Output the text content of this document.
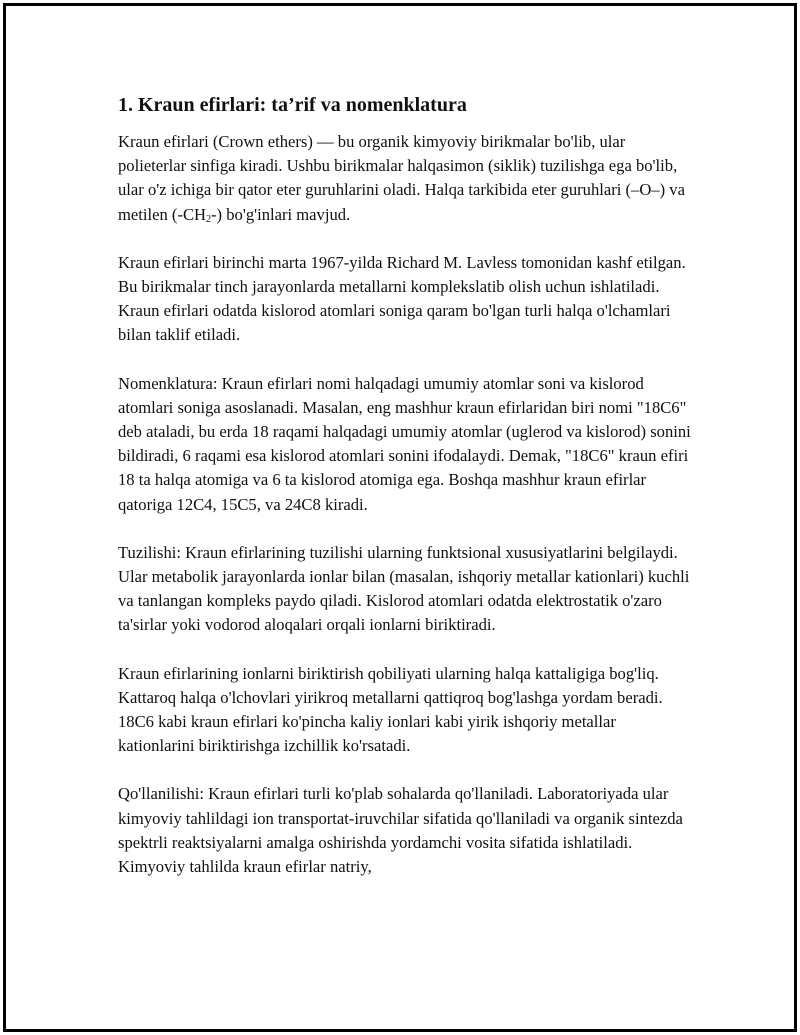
1. Kraun efirlari: ta’rif va nomenklatura

Kraun efirlari (Crown ethers) — bu organik kimyoviy birikmalar bo'lib, ular polieterlar sinfiga kiradi. Ushbu birikmalar halqasimon (siklik) tuzilishga ega bo'lib, ular o'z ichiga bir qator eter guruhlarini oladi. Halqa tarkibida eter guruhlari (–O–) va metilen $(-CH_2-)$ bo'g'inlari mavjud.

Kraun efirlari birinchi marta 1967-yilda Richard M. Lavless tomonidan kashf etilgan. Bu birikmalar tinch jarayonlarda metallarni komplekslatib olish uchun ishlatiladi. Kraun efirlari odatda kislorod atomlari soniga qaram bo'lgan turli halqa o'lchamlari bilan taklif etiladi.

Nomenklatura: Kraun efirlari nomi halqadagi umumiy atomlar soni va kislorod atomlari soniga asoslanadi. Masalan, eng mashhur kraun efirlaridan biri nomi "18C6" deb ataladi, bu erda 18 raqami halqadagi umumiy atomlar (uglerod va kislorod) sonini bildiradi, 6 raqami esa kislorod atomlari sonini ifodalaydi. Demak, "18C6" kraun efiri 18 ta halqa atomiga va 6 ta kislorod atomiga ega. Boshqa mashhur kraun efirlar qatoriga 12C4, 15C5, va 24C8 kiradi.

Tuzilishi: Kraun efirlarining tuzilishi ularning funktsional xususiyatlarini belgilaydi. Ular metabolik jarayonlarda ionlar bilan (masalan, ishqoriy metallar kationlari) kuchli va tanlangan kompleks paydo qiladi. Kislorod atomlari odatda elektrostatik o'zaro ta'sirlar yoki vodorod aloqalari orqali ionlarni biriktiradi.

Kraun efirlarining ionlarni biriktirish qobiliyati ularning halqa kattaligiga bog'liq. Kattaroq halqa o'lchovlari yirikroq metallarni qattiqroq bog'lashga yordam beradi. 18C6 kabi kraun efirlari ko'pincha kaliy ionlari kabi yirik ishqoriy metallar kationlarini biriktirishga izchillik ko'rsatadi.

Qo'llanilishi: Kraun efirlari turli ko'plab sohalarda qo'llaniladi. Laboratoriyada ular kimyoviy tahlildagi ion transportat-iruvchilar sifatida qo'llaniladi va organik sintezda spektrli reaktsiyalarni amalga oshirishda yordamchi vosita sifatida ishlatiladi. Kimyoviy tahlilda kraun efirlar natriy,
